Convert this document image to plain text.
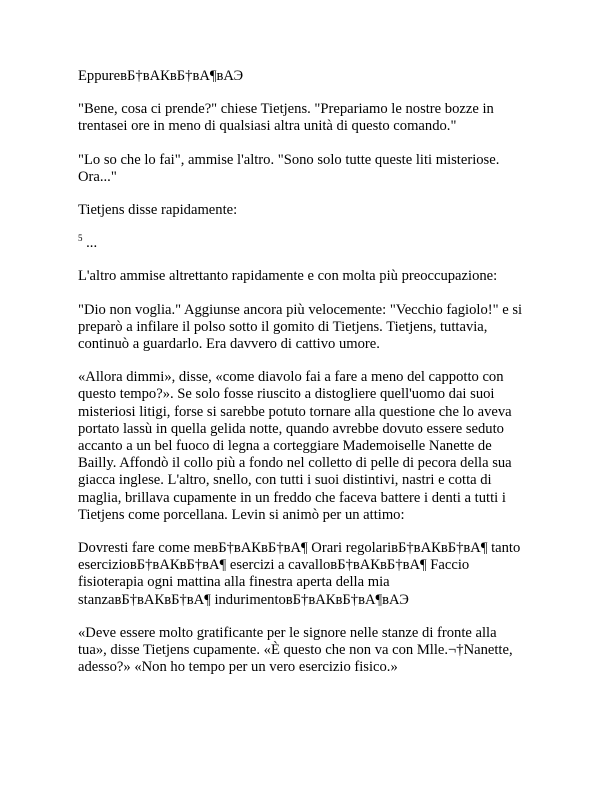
EppureвБ†вАКвБ†вА¶вАЭ

"Bene, cosa ci prende?" chiese Tietjens. "Prepariamo le nostre bozze in
trentasei ore in meno di qualsiasi altra unità di questo comando."

"Lo so che lo fai", ammise l'altro. "Sono solo tutte queste liti misteriose.
Ora..."

Tietjens disse rapidamente:

$^5$ ...

L'altro ammise altrettanto rapidamente e con molta più preoccupazione:

"Dio non voglia." Aggiunse ancora più velocemente: "Vecchio fagiolo!" e si
preparò a infilare il polso sotto il gomito di Tietjens. Tietjens, tuttavia,
continuò a guardarlo. Era davvero di cattivo umore.

«Allora dimmi», disse, «come diavolo fai a fare a meno del cappotto con
questo tempo?». Se solo fosse riuscito a distogliere quell'uomo dai suoi
misteriosi litigi, forse si sarebbe potuto tornare alla questione che lo aveva
portato lassù in quella gelida notte, quando avrebbe dovuto essere seduto
accanto a un bel fuoco di legna a corteggiare Mademoiselle Nanette de
Bailly. Affondò il collo più a fondo nel colletto di pelle di pecora della sua
giacca inglese. L'altro, snello, con tutti i suoi distintivi, nastri e cotta di
maglia, brillava cupamente in un freddo che faceva battere i denti a tutti i
Tietjens come porcellana. Levin si animò per un attimo:

Dovresti fare come meвБ†вАКвБ†вА¶ Orari regolariвБ†вАКвБ†вА¶ tanto
eserciziовБ†вАКвБ†вА¶ esercizi a cavalloвБ†вАКвБ†вА¶ Faccio
fisioterapia ogni mattina alla finestra aperta della mia
stanzaвБ†вАКвБ†вА¶ indurimentoвБ†вАКвБ†вА¶вАЭ

«Deve essere molto gratificante per le signore nelle stanze di fronte alla
tua», disse Tietjens cupamente. «È questo che non va con Mlle.¬†Nanette,
adesso?» «Non ho tempo per un vero esercizio fisico.»
